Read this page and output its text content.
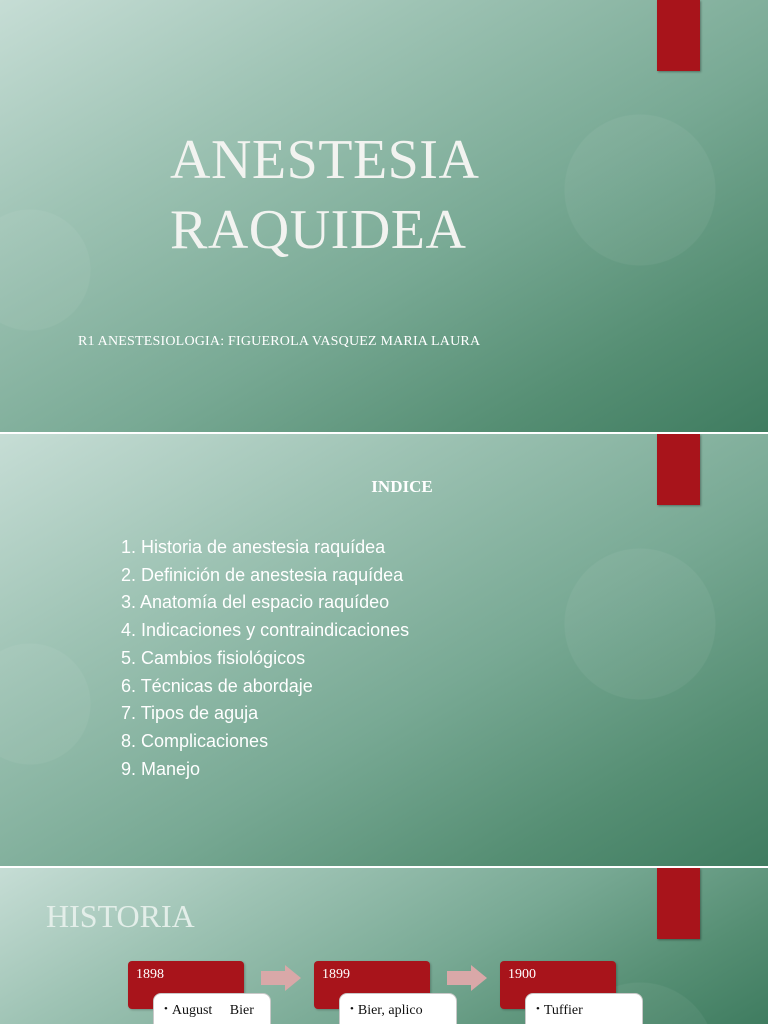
ANESTESIA
RAQUIDEA

R1 ANESTESIOLOGIA: FIGUEROLA VASQUEZ MARIA LAURA

INDICE
1. Historia de anestesia raquídea
2. Definición de anestesia raquídea
3. Anatomía del espacio raquídeo
4. Indicaciones y contraindicaciones
5. Cambios fisiológicos
6. Técnicas de abordaje
7. Tipos de aguja
8. Complicaciones
9. Manejo
HISTORIA
1898
• August     Bier
1899
• Bier, aplico
1900
• Tuffier
